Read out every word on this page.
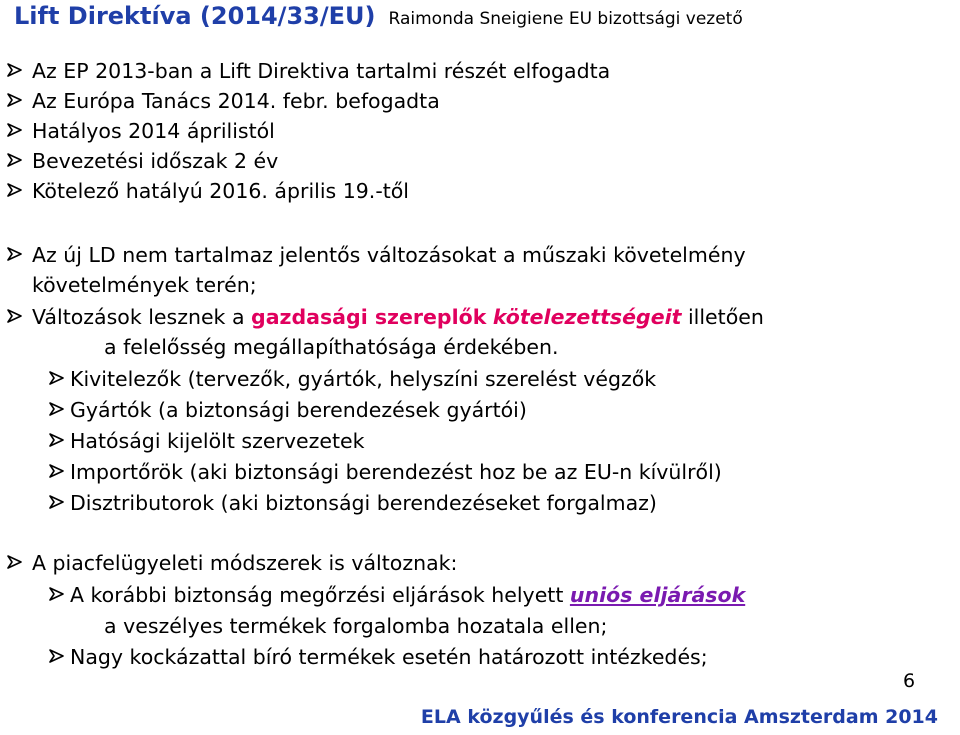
Lift Direktíva (2014/33/EU) Raimonda Sneigiene EU bizottsági vezető
Az EP 2013-ban a Lift Direktiva tartalmi részét elfogadta
Az Európa Tanács 2014. febr. befogadta
Hatályos 2014 áprilistól
Bevezetési időszak 2 év
Kötelező hatályú 2016. április 19.-től
Az új LD nem tartalmaz jelentős változásokat a műszaki követelmény
követelmények terén;
Változások lesznek a gazdasági szereplők kötelezettségeit illetően
a felelősség megállapíthatósága érdekében.
Kivitelezők (tervezők, gyártók, helyszíni szerelést végzők
Gyártók (a biztonsági berendezések gyártói)
Hatósági kijelölt szervezetek
Importőrök (aki biztonsági berendezést hoz be az EU-n kívülről)
Disztributorok (aki biztonsági berendezéseket forgalmaz)
A piacfelügyeleti módszerek is változnak:
A korábbi biztonság megőrzési eljárások helyett uniós eljárások
a veszélyes termékek forgalomba hozatala ellen;
Nagy kockázattal bíró termékek esetén határozott intézkedés;
6
ELA közgyűlés és konferencia Amszterdam 2014
